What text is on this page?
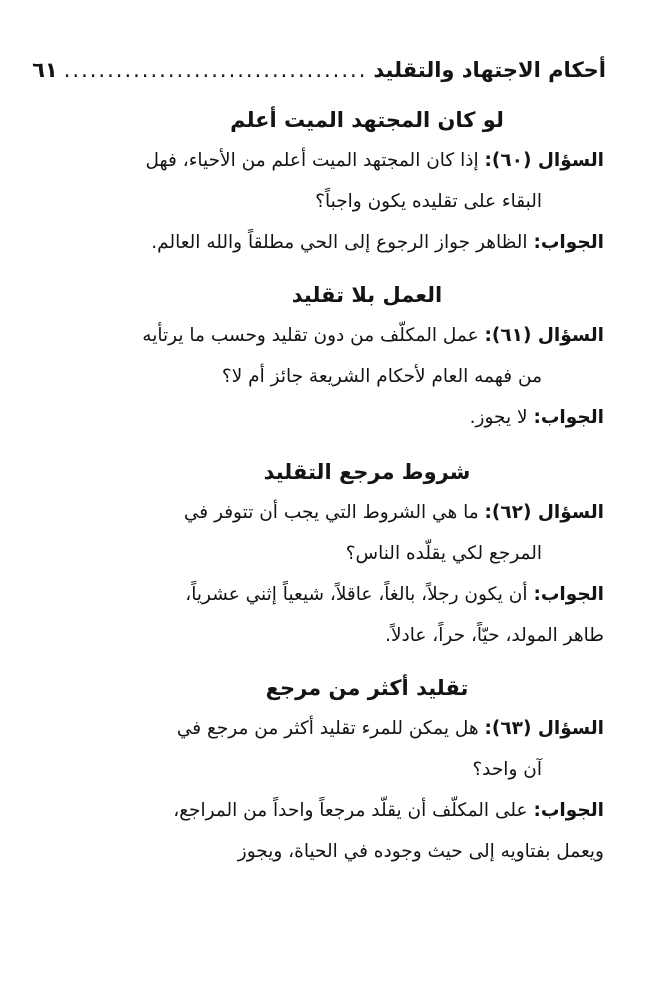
أحكام الاجتهاد والتقليد
...................................
٦١
لو كان المجتهد الميت أعلم

السؤال (٦٠): إذا كان المجتهد الميت أعلم من الأحياء، فهل

البقاء على تقليده يكون واجباً؟

الجواب: الظاهر جواز الرجوع إلى الحي مطلقاً والله العالم.

العمل بلا تقليد

السؤال (٦١): عمل المكلّف من دون تقليد وحسب ما يرتأيه

من فهمه العام لأحكام الشريعة جائز أم لا؟

الجواب: لا يجوز.

شروط مرجع التقليد

السؤال (٦٢): ما هي الشروط التي يجب أن تتوفر في

المرجع لكي يقلّده الناس؟

الجواب: أن يكون رجلاً، بالغاً، عاقلاً، شيعياً إثني عشرياً،

طاهر المولد، حيّاً، حراً، عادلاً.

تقليد أكثر من مرجع

السؤال (٦٣): هل يمكن للمرء تقليد أكثر من مرجع في

آن واحد؟

الجواب: على المكلّف أن يقلّد مرجعاً واحداً من المراجع،

ويعمل بفتاويه إلى حيث وجوده في الحياة، ويجوز
